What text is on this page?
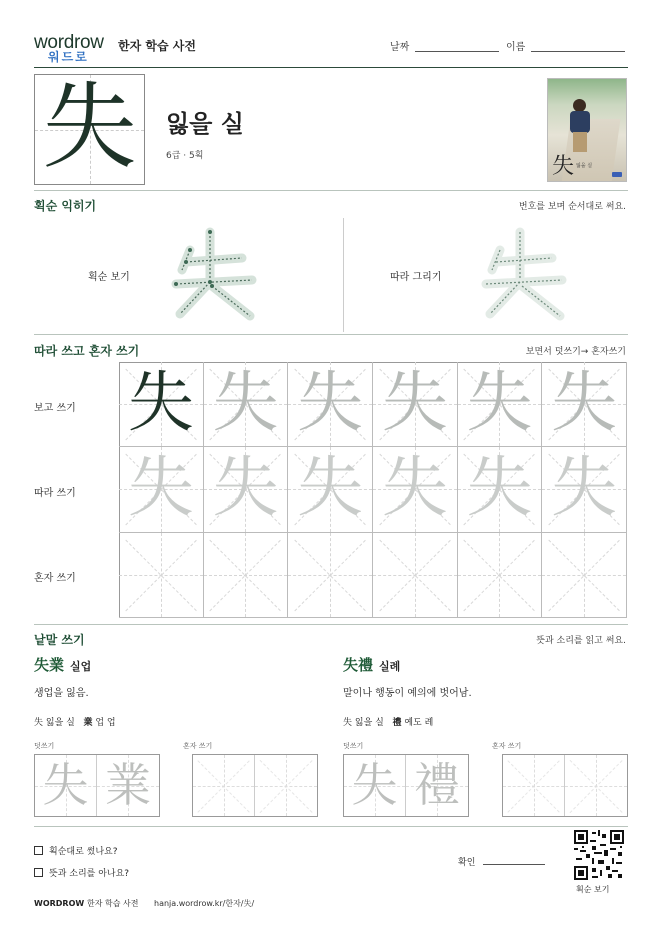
wordrow
워드로
한자 학습 사전	날짜	이름
失	잃을 실
6급 · 5획	失 잃을 실
획순 익히기	번호를 보며 순서대로 써요.
획순 보기	따라 그리기
따라 쓰고 혼자 쓰기	보면서 덧쓰기→ 혼자쓰기
보고 쓰기
따라 쓰기
혼자 쓰기
失 失 失 失 失 失
失 失 失 失 失 失
낱말 쓰기	뜻과 소리를 읽고 써요.
失業 실업
생업을 잃음.
失 잃을 실 業 업 업
덧쓰기	혼자 쓰기
失 業
失禮 실례
말이나 행동이 예의에 벗어남.
失 잃을 실 禮 예도 례
덧쓰기	혼자 쓰기
失 禮
획순대로 썼나요?
뜻과 소리를 아나요?
확인
획순 보기
WORDROW 한자 학습 사전 hanja.wordrow.kr/한자/失/
